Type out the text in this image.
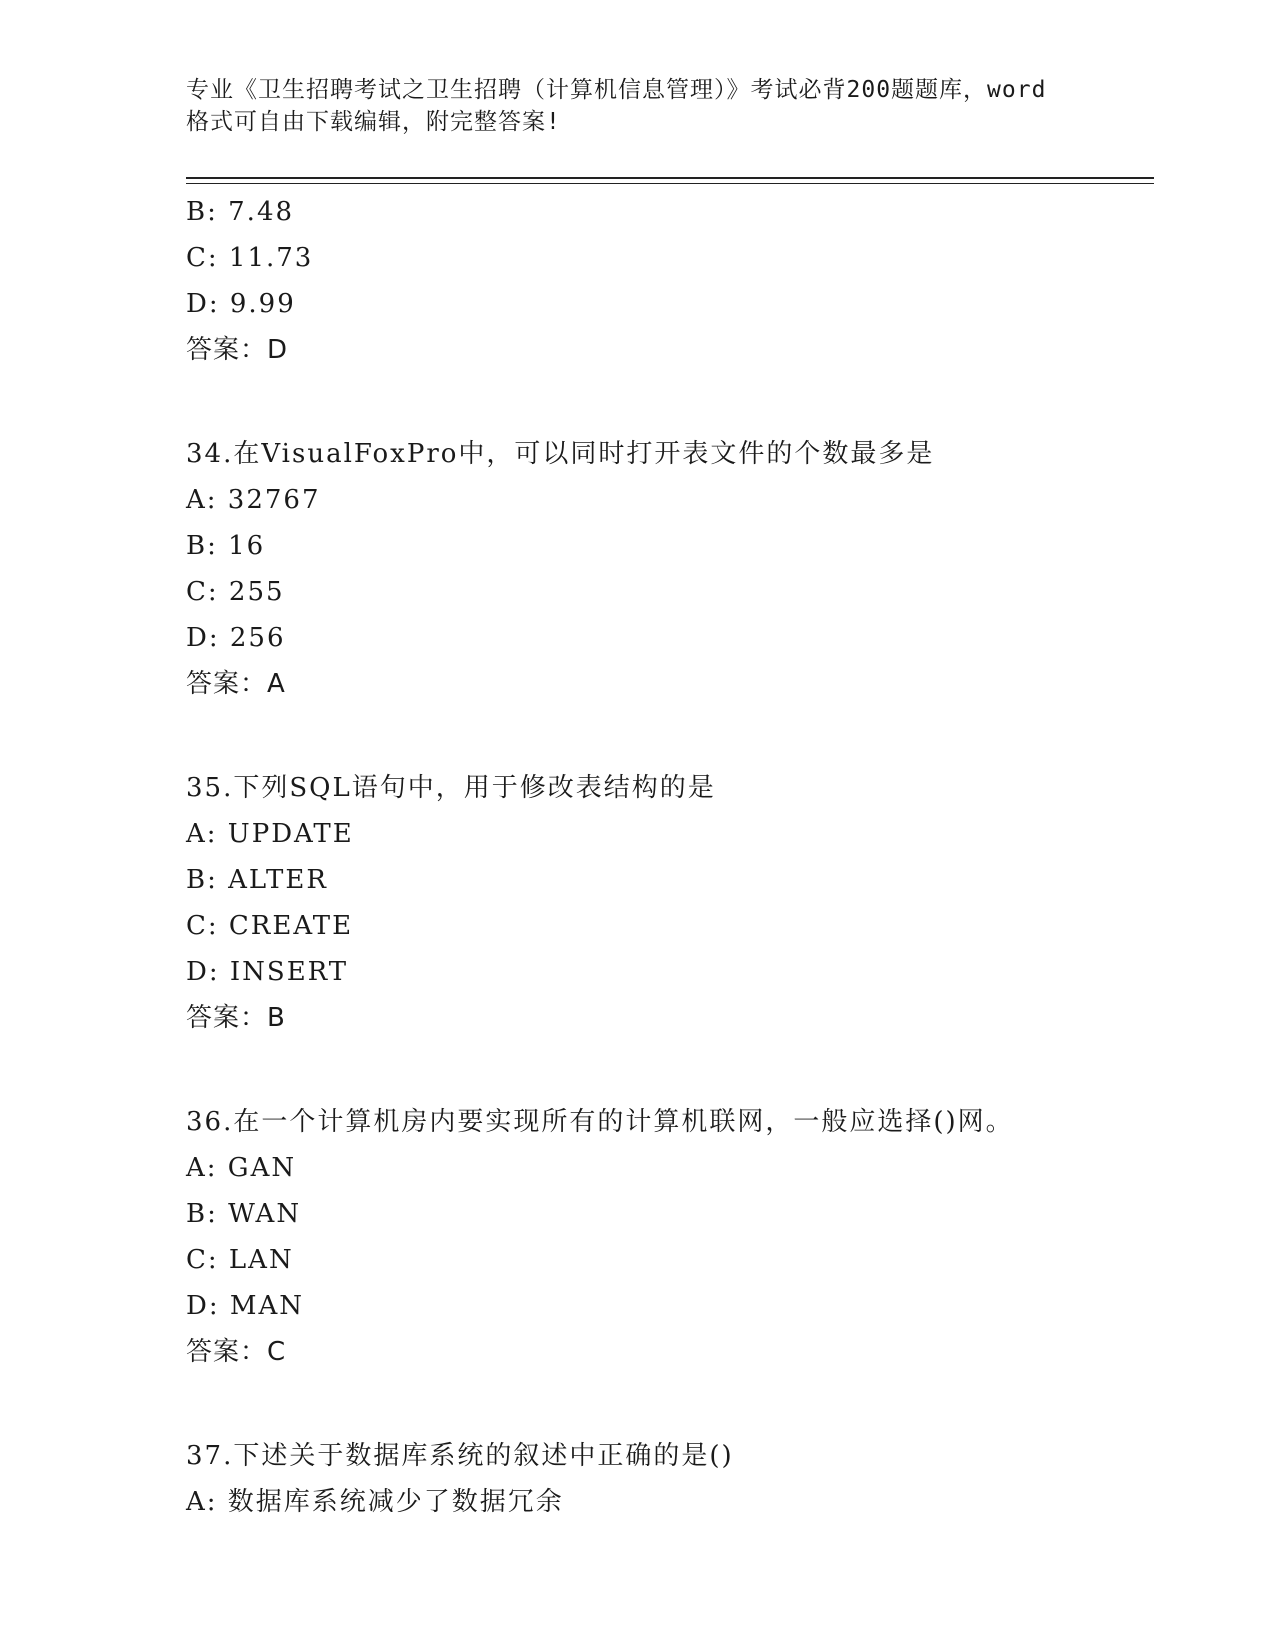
专业《卫生招聘考试之卫生招聘（计算机信息管理）》考试必背200题题库，word
格式可自由下载编辑，附完整答案!
B: 7.48
C: 11.73
D: 9.99
答案：D
34.在VisualFoxPro中，可以同时打开表文件的个数最多是
A: 32767
B: 16
C: 255
D: 256
答案：A
35.下列SQL语句中，用于修改表结构的是
A: UPDATE
B: ALTER
C: CREATE
D: INSERT
答案：B
36.在一个计算机房内要实现所有的计算机联网，一般应选择()网。
A: GAN
B: WAN
C: LAN
D: MAN
答案：C
37.下述关于数据库系统的叙述中正确的是()
A: 数据库系统减少了数据冗余
